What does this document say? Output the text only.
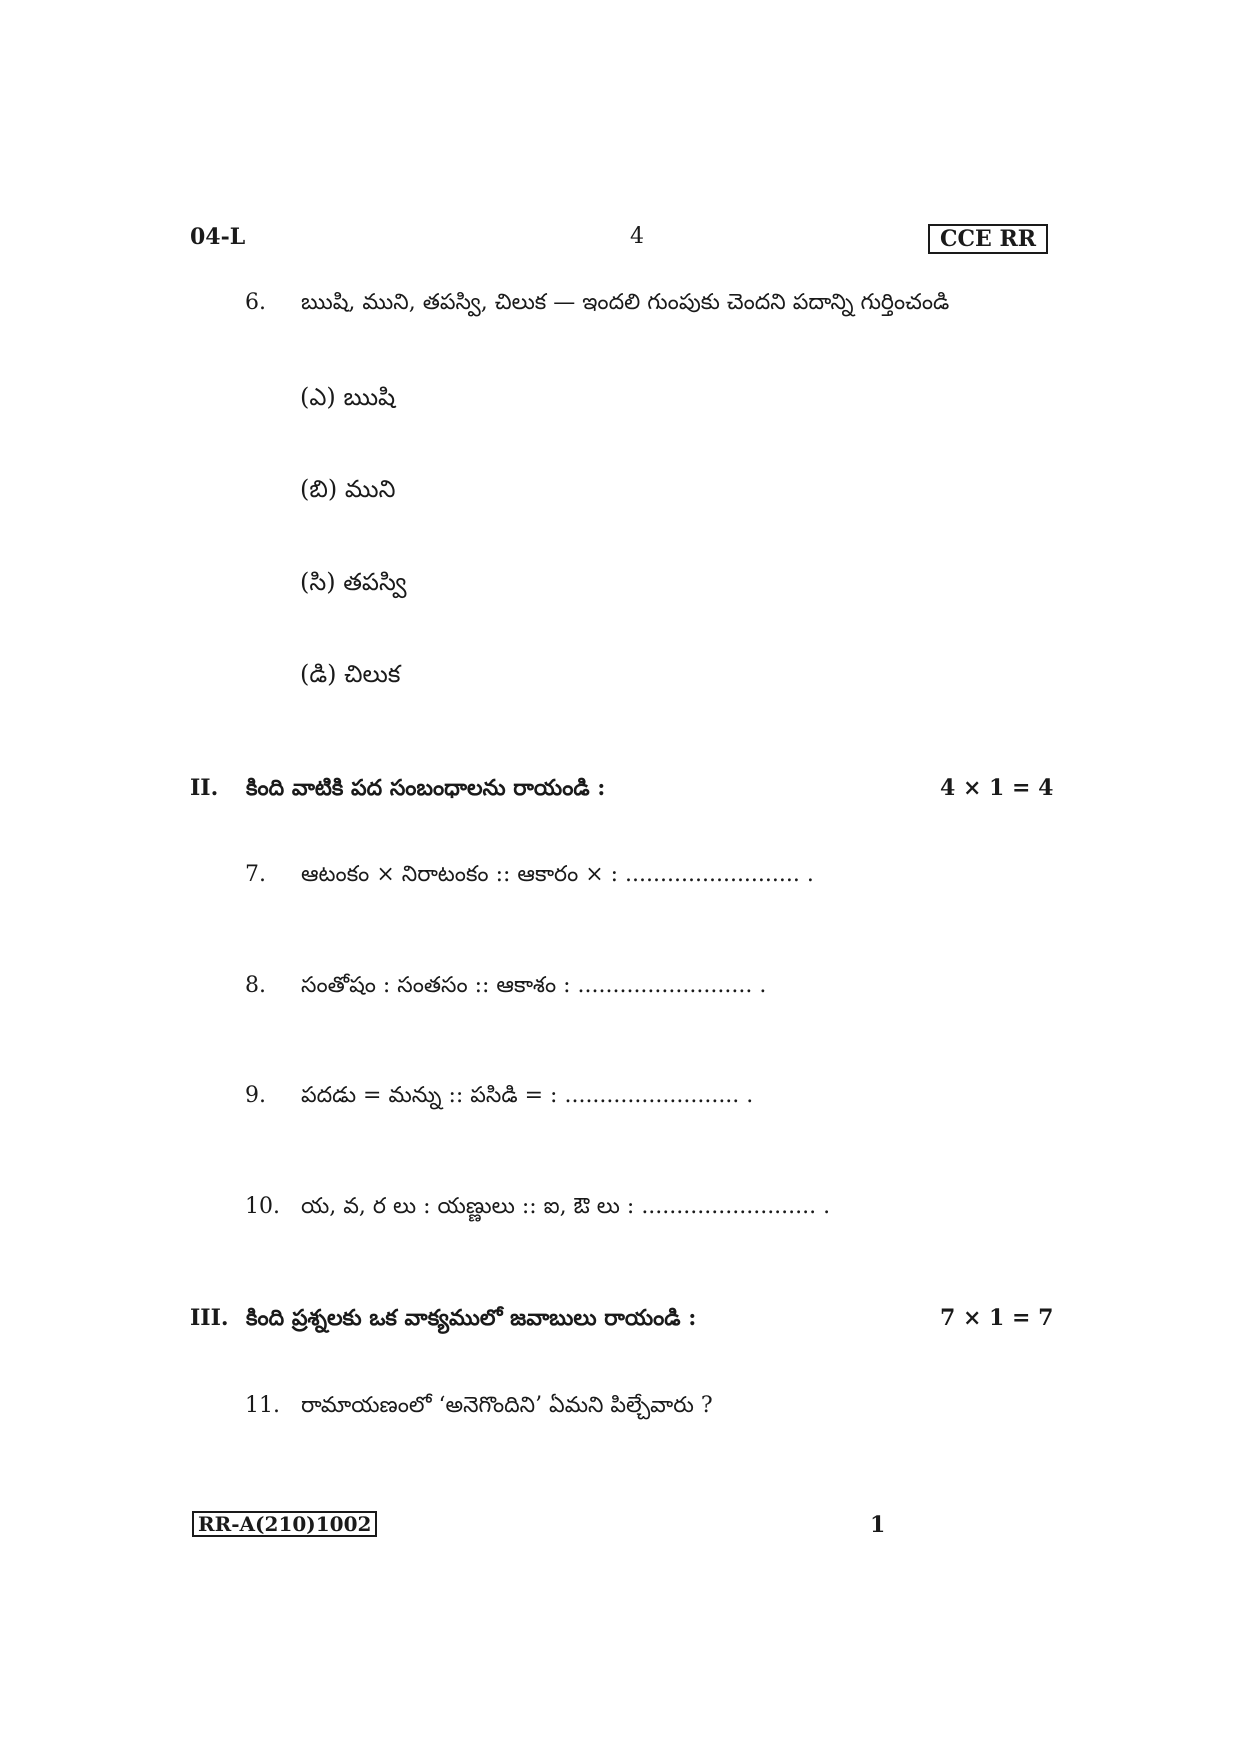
04-L	4	CCE RR
6. ఋషి, ముని, తపస్వి, చిలుక — ఇందలి గుంపుకు చెందని పదాన్ని గుర్తించండి
(ఎ) ఋషి
(బి) ముని
(సి) తపస్వి
(డి) చిలుక
II. కింది వాటికి పద సంబంధాలను రాయండి :	4 × 1 = 4
7. ఆటంకం × నిరాటంకం :: ఆకారం × : ......................... .
8. సంతోషం : సంతసం :: ఆకాశం : ......................... .
9. పదడు = మన్ను :: పసిడి = : ......................... .
10. య, వ, ర లు : యణ్ణులు :: ఐ, ఔ లు : ......................... .
III. కింది ప్రశ్నలకు ఒక వాక్యములో జవాబులు రాయండి :	7 × 1 = 7
11. రామాయణంలో ‘అనెగొందిని’ ఏమని పిల్చేవారు ?
RR-A(210)1002	1
